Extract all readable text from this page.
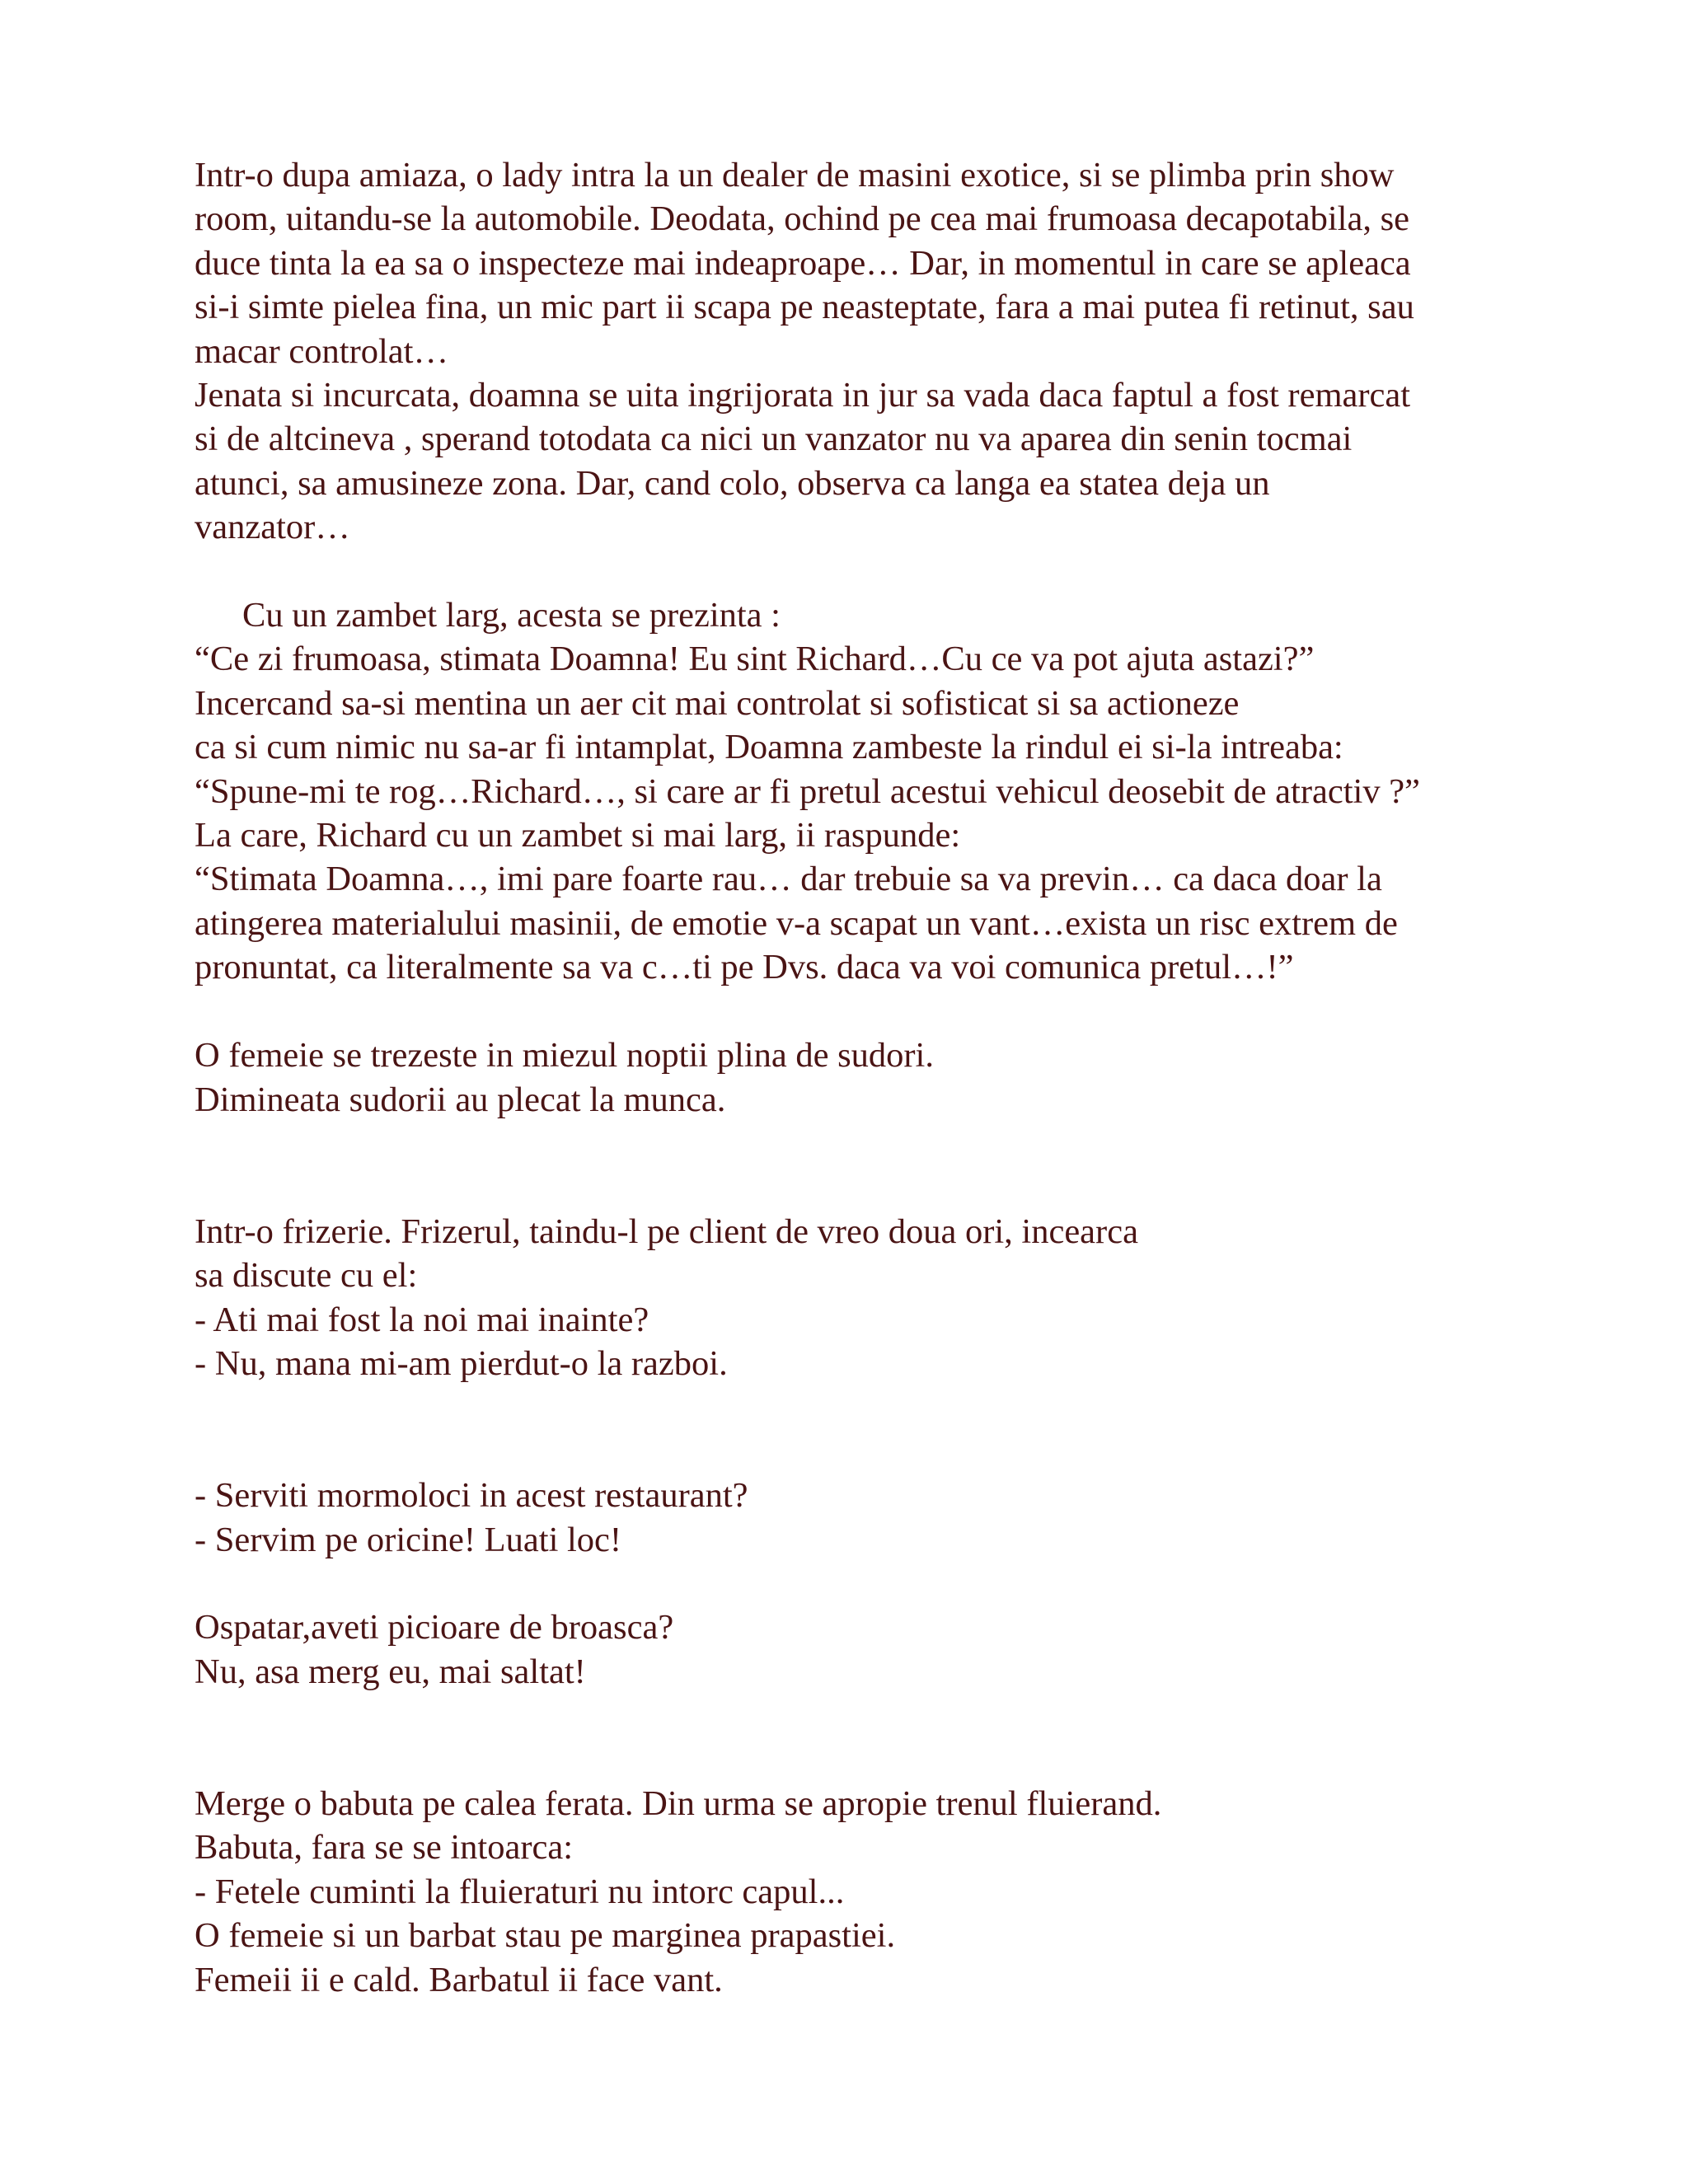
Intr-o dupa amiaza, o lady intra la un dealer de masini exotice, si se plimba prin show
room, uitandu-se la automobile. Deodata, ochind pe cea mai frumoasa decapotabila, se
duce tinta la ea sa o inspecteze mai indeaproape… Dar, in momentul in care se apleaca
si-i simte pielea fina, un mic part ii scapa pe neasteptate, fara a mai putea fi retinut, sau
macar controlat…
Jenata si incurcata, doamna se uita ingrijorata in jur sa vada daca faptul a fost remarcat
si de altcineva , sperand totodata ca nici un vanzator nu va aparea din senin tocmai
atunci, sa amusineze zona. Dar, cand colo, observa ca langa ea statea deja un
vanzator…
Cu un zambet larg, acesta se prezinta :
“Ce zi frumoasa, stimata Doamna! Eu sint Richard…Cu ce va pot ajuta astazi?”
Incercand sa-si mentina un aer cit mai controlat si sofisticat si sa actioneze
ca si cum nimic nu sa-ar fi intamplat, Doamna zambeste la rindul ei si-la intreaba:
“Spune-mi te rog…Richard…, si care ar fi pretul acestui vehicul deosebit de atractiv ?”
La care, Richard cu un zambet si mai larg, ii raspunde:
“Stimata Doamna…, imi pare foarte rau… dar trebuie sa va previn… ca daca doar la
atingerea materialului masinii, de emotie v-a scapat un vant…exista un risc extrem de
pronuntat, ca literalmente sa va c…ti pe Dvs. daca va voi comunica pretul…!”
O femeie se trezeste in miezul noptii plina de sudori.
Dimineata sudorii au plecat la munca.
Intr-o frizerie. Frizerul, taindu-l pe client de vreo doua ori, incearca
sa discute cu el:
- Ati mai fost la noi mai inainte?
- Nu, mana mi-am pierdut-o la razboi.
- Serviti mormoloci in acest restaurant?
- Servim pe oricine! Luati loc!
Ospatar,aveti picioare de broasca?
Nu, asa merg eu, mai saltat!
Merge o babuta pe calea ferata. Din urma se apropie trenul fluierand.
Babuta, fara se se intoarca:
- Fetele cuminti la fluieraturi nu intorc capul...
O femeie si un barbat stau pe marginea prapastiei.
Femeii ii e cald. Barbatul ii face vant.
